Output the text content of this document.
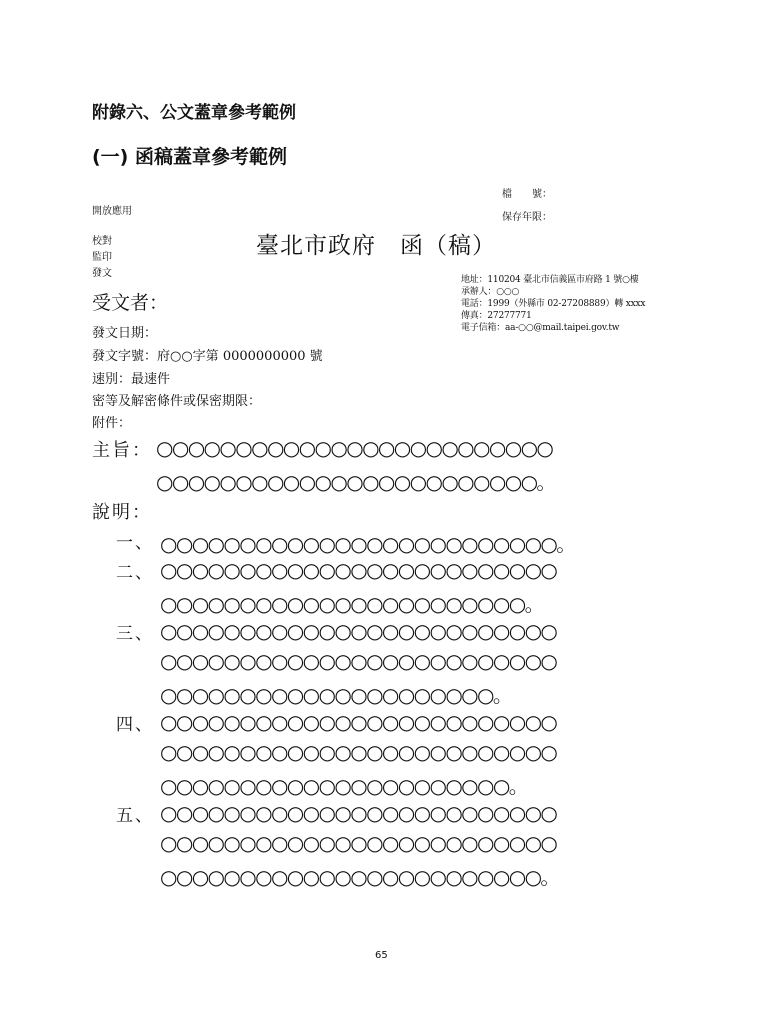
附錄六、公文蓋章參考範例
(一) 函稿蓋章參考範例
檔　　號：
保存年限：
開放應用
校對
監印
發文
臺北市政府　函（稿）
地址：110204 臺北市信義區市府路 1 號○樓
承辦人：○○○
電話：1999（外縣市 02-27208889）轉 xxxx
傳真：27277771
電子信箱：aa-○○@mail.taipei.gov.tw
受文者：
發文日期：
發文字號：府○○字第 0000000000 號
速別：最速件
密等及解密條件或保密期限：
附件：
主旨： ○○○○○○○○○○○○○○○○○○○○○○○○○
○○○○○○○○○○○○○○○○○○○○○○○○。
說明：
一、 ○○○○○○○○○○○○○○○○○○○○○○○○○。
二、 ○○○○○○○○○○○○○○○○○○○○○○○○○
○○○○○○○○○○○○○○○○○○○○○○○。
三、 ○○○○○○○○○○○○○○○○○○○○○○○○○
○○○○○○○○○○○○○○○○○○○○○○○○○
○○○○○○○○○○○○○○○○○○○○○。
四、 ○○○○○○○○○○○○○○○○○○○○○○○○○
○○○○○○○○○○○○○○○○○○○○○○○○○
○○○○○○○○○○○○○○○○○○○○○○。
五、 ○○○○○○○○○○○○○○○○○○○○○○○○○
○○○○○○○○○○○○○○○○○○○○○○○○○
○○○○○○○○○○○○○○○○○○○○○○○○。
65
